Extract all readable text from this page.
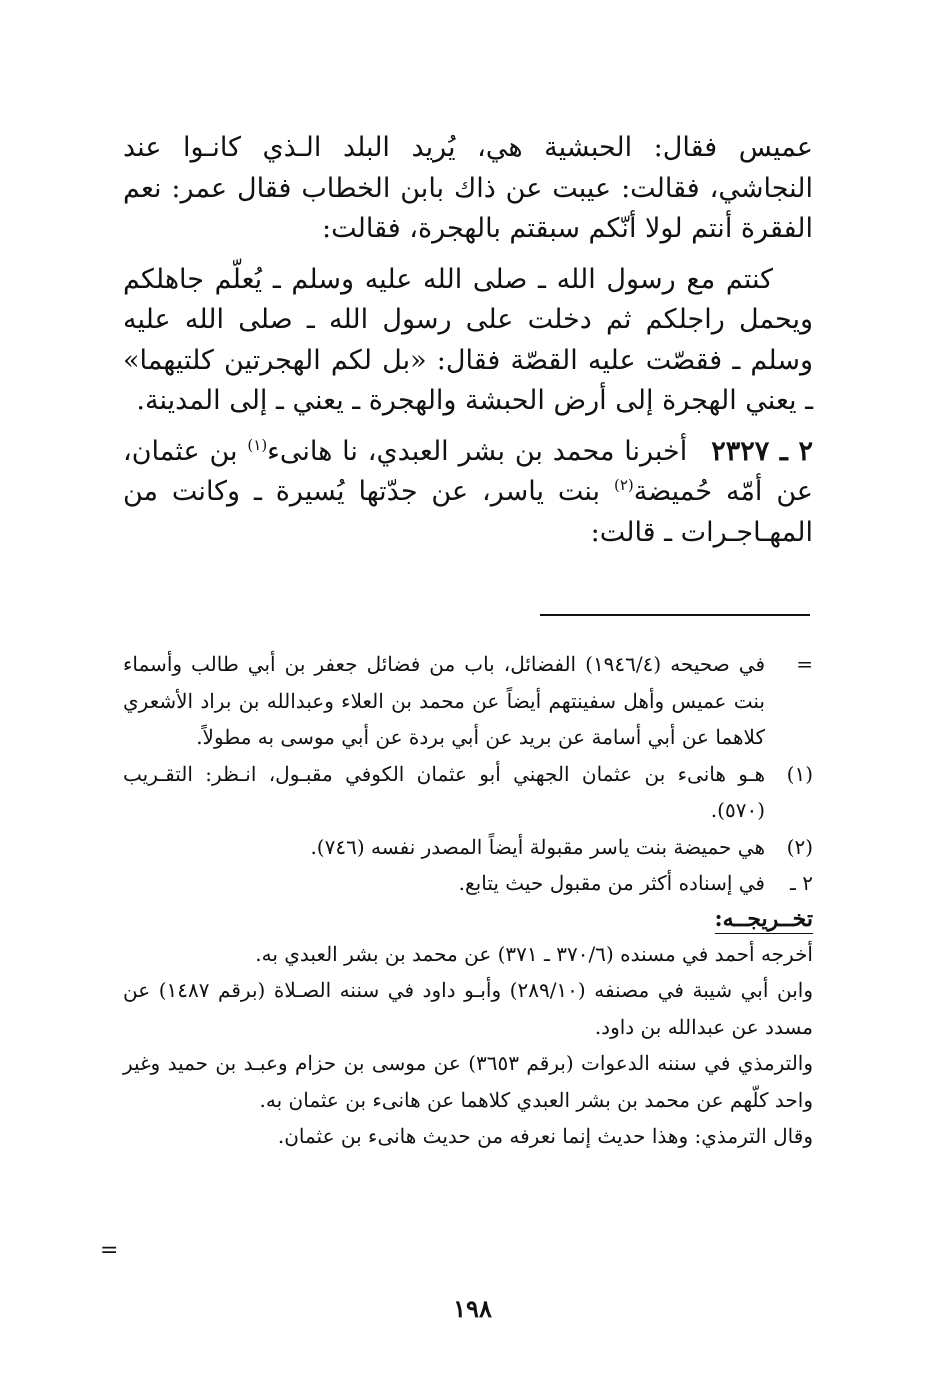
عميس فقال: الحبشية هي، يُريد البلد الـذي كانـوا عند النجاشي، فقالت: عيبت عن ذاك بابن الخطاب فقال عمر: نعم الفقرة أنتم لولا أنّكم سبقتم بالهجرة، فقالت:

كنتم مع رسول الله ـ صلى الله عليه وسلم ـ يُعلّم جاهلكم ويحمل راجلكم ثم دخلت على رسول الله ـ صلى الله عليه وسلم ـ فقصّت عليه القصّة فقال: «بل لكم الهجرتين كلتيهما» ـ يعني الهجرة إلى أرض الحبشة والهجرة ـ يعني ـ إلى المدينة.

٢ ـ ٢٣٢٧أخبرنا محمد بن بشر العبدي، نا هانىء$^{(١)}$ بن عثمان، عن أمّه حُميضة$^{(٢)}$ بنت ياسر، عن جدّتها يُسيرة ـ وكانت من المهـاجـرات ـ قالت:

=
في صحيحه (١٩٤٦/٤) الفضائل، باب من فضائل جعفر بن أبي طالب وأسماء بنت عميس وأهل سفينتهم أيضاً عن محمد بن العلاء وعبدالله بن براد الأشعري كلاهما عن أبي أسامة عن بريد عن أبي بردة عن أبي موسى به مطولاً.
(١)
هـو هانىء بن عثمان الجهني أبو عثمان الكوفي مقبـول، انـظر: التقـريب (٥٧٠).
(٢)
هي حميضة بنت ياسر مقبولة أيضاً المصدر نفسه (٧٤٦).
٢ ـ
في إسناده أكثر من مقبول حيث يتابع.
تخــريجــه:

أخرجه أحمد في مسنده (٣٧٠/٦ ـ ٣٧١) عن محمد بن بشر العبدي به.

وابن أبي شيبة في مصنفه (٢٨٩/١٠) وأبـو داود في سننه الصـلاة (برقم ١٤٨٧) عن مسدد عن عبدالله بن داود.

والترمذي في سننه الدعوات (برقم ٣٦٥٣) عن موسى بن حزام وعبـد بن حميد وغير واحد كلّهم عن محمد بن بشر العبدي كلاهما عن هانىء بن عثمان به.

وقال الترمذي: وهذا حديث إنما نعرفه من حديث هانىء بن عثمان.

=
١٩٨
